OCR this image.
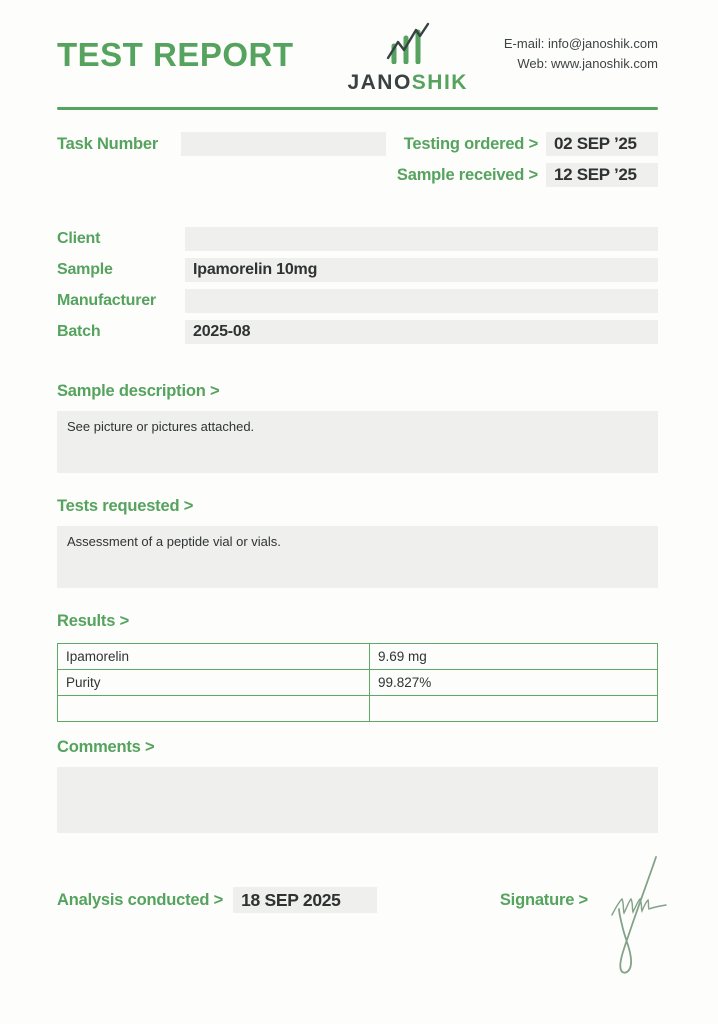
TEST REPORT
JANOSHIK
E-mail: info@janoshik.com
Web: www.janoshik.com
Task Number	Testing ordered > 02 SEP ’25
Sample received > 12 SEP ’25
Client
Sample	Ipamorelin 10mg
Manufacturer
Batch	2025-08
Sample description >
See picture or pictures attached.
Tests requested >
Assessment of a peptide vial or vials.
Results >
Ipamorelin	9.69 mg
Purity	99.827%

Comments >
Analysis conducted >	18 SEP 2025	Signature >
